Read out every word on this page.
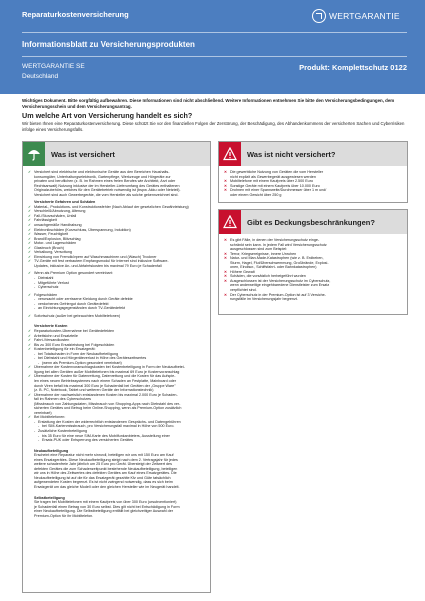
Reparaturkostenversicherung	WERTGARANTIE
Informationsblatt zu Versicherungsprodukten
WERTGARANTIE SE
Deutschland
Produkt: Komplettschutz 0122
Wichtiges Dokument. Bitte sorgfältig aufbewahren. Diese Informationen sind nicht abschließend. Weitere Informationen entnehmen Sie bitte den Versicherungsbedingungen, dem Versicherungsschein und dem Versicherungsantrag.
Um welche Art von Versicherung handelt es sich?
Wir bieten Ihnen eine Reparaturkostenversicherung. Diese schützt Sie vor den finanziellen Folgen der Zerstörung, der Beschädigung, des Abhandenkommens der versicherten Sachen und Cyberrisiken infolge eines Versicherungsfalls.
Was ist versichert
✓ Versichert sind elektrische und elektronische Geräte aus den Bereichen Haushalts-
konsumgüter, Unterhaltungselektronik, Gartenpflege, Werkzeuge und Hörgeräte zur
privaten und beruflichen (z. B. im Rahmen eines freien Berufes wie Architekt, Arzt oder
Rechtsanwalt) Nutzung inklusive der im Hersteller-Lieferumfang des Gerätes enthaltenen
Originalzubehörs, welches für den Gerätebetrieb notwendig ist (bspw. Akku oder Netzteil).
Versichert sind auch Gewerbegeräte, die vom Hersteller als solche gekennzeichnet sind.
Versicherte Gefahren und Schäden
✓ Material-, Produktions- und Konstruktionsfehler (Nach Ablauf der gesetzlichen Gewährleistung)
✓ Verschleiß/Abnutzung, Alterung
✓ Fall-/Sturzschäden, Unfall
✓ Fahrlässigkeit
✓ unsachgemäße Handhabung
✓ Elektronikschäden (Kurzschluss, Überspannung, Induktion)
✓ Wasser, Feuchtigkeit
✓ Brand/Explosion, Blitzschlag
✓ Motor- und Lagerschäden
✓ Glasbruch (Bruch)
✓ Verkalkung, Versottung
✓ Einwirkung von Fremdkörpern auf Waschmaschinen und (Wasch) Trockner
✓ TV-Geräte mit fest verbautem Empfangsmodul für Internet sind inklusive Software-
Updates, inklusive An- und Abfahrtskosten bis maximal 79 Euro je Schadenfall
✓ Wenn als Premium Option gesondert vereinbart:
- Diebstahl
- Mitgeführte Verlust
- Cyberschutz
✓ Folgeschäden
- verursacht oder zerrissene Kleidung durch Geräte defekte
- verdorbenes Gefriergut durch Gerätedefekt
- an Einrichtungsgegenständen durch TV-Gerätedefekt
✓ Sofortschutz (außer bei gebrauchten Mobiltelefonen)
Versicherte Kosten
✓ Reparaturkosten-Übernahme bei Gerätedefekten
✓ Arbeitslohn und Ersatzteile
✓ Fahrt-/Versandkosten
✓ Bis zu 300 Euro Ersatzleistung bei Folgeschäden
✓ Kostenbeteiligung für ein Ersatzgerät:
- bei Totalschaden in Form der Neukaufbeteiligung
- bei Diebstahl und Hörgeräteverlust in Höhe des Geräteszeitwertes
- (wenn als Premium-Option gesondert vereinbart)
✓ Übernahme der Kostenvoranschlagskosten bei Kostenbeteiligung in Form der Neukaufbetei-
ligung bei allen Geräten außer Mobiltelefonen bis maximal 69 Euro je Kostenvoranschlag
✓ Übernahme der Kosten für Datenrettung, Datenrettung und die Kosten für das Aufspie-
len eines neuen Betriebssystemes nach einem Schaden an Festplatte, Mainboard oder
durch Viren befall bis maximal 300 Euro je Schadenfall bei Geräten der „Gruppe Ware"
(z. B. PC, Notebook, Tablet und weiteren Geräte der Informationstechnik)
✓ Übernahme der nachweislich entstandenen Kosten bis maximal 2.000 Euro je Schaden-
fall im Rahmen des Cyberschutzes
(Missbrauch von Zahlungsdaten, Missbrauch von Shopping-Apps nach Diebstahl des ver-
sicherten Gerätes und Betrug beim Online-Shopping, wenn als Premium-Option zusätzlich
vereinbart)
✓ Bei Mobiltelefonen:
- Erstattung der Kosten der widerrechtlich entstandenen Gesprächs- und Datengebühren
- bei SIM-Kartenmissbrauch, pro Versicherungsfall maximal in Höhe von 500 Euro.
- Zusätzliche Kostenbeteiligung
- bis 35 Euro für eine neue SIM-Karte des Mobilfunkanbieters, Ausstellung einer
- Ersatz-PUK oder Entsperrung des versicherten Gerätes
Neukaufbeteiligung
Erscheint eine Reparatur nicht mehr sinnvoll, beteiligen wir uns mit 150 Euro am Kauf
eines Ersatzgerätes. Diese Neukaufbeteiligung steigt nach dem 2. Vertragsjahr für jedes
weitere schadenfreie Jahr jährlich um 25 Euro pro Gerät. Übersteigt der Zeitwert des
defekten Gerätes die zum Schadenzeitpunkt bestehende Neukaufbeteiligung, beteiligen
wir uns in Höhe des Zeitwertes des defekten Gerätes am Kauf eines Ersatzgerätes. Die
Neukaufbeteiligung ist auf die für das Ersatzgerät gezahlte Kfz und Güte tatsächlich
aufgewendeten Kosten begrenzt. Es ist nicht zwingend notwendig, dass es sich beim
Ersatzgerät um das gleiche Modell oder den gleichen Hersteller wie im Neugerät handelt.
Selbstbeteiligung
Sie tragen bei Mobiltelefonen mit einem Kaufpreis von über 300 Euro (ursubventioniert)
je Schadenfall einen Betrag von 30 Euro selbst. Dies gilt nicht bei Entschädigung in Form
einer Neukaufbeteiligung. Die Selbstbeteiligung entfällt bei gleichzeitiger Auswahl der
Premium-Option für ihr Mobiltelefon.
Was ist nicht versichert?
✕ Die gewerbliche Nutzung von Geräten die vom Hersteller
nicht explizit als Gewerbegerät ausgewiesen werden
✕ Mobiltelefone mit einem Kaufpreis über 2.500 Euro
✕ Sonstige Geräte mit einem Kaufpreis über 10.000 Euro
✕ Drohnen mit einer Spannweite/Durchmesser über 1 m und/
oder einem Gewicht über 250 g
Gibt es Deckungsbeschränkungen?
✕ Es gibt Fälle, in denen der Versicherungsschutz einge-
schränkt sein kann. In jedem Fall wird Versicherungsschutz
ausgeschlossen sind zum Beispiel:
✕ Terror, Kriegsereignisse, innere Unruhen
✕ Natur- und Man-Made-Katastrophen (wie z. B. Erdbeben,
Sturm, Hagel, Flut/Überschwemmung, Großbrände, Explosi-
onen, Eindiscr., Schiffsfahrt- oder Bahnkatastrophen)
✕ Höhere Gewalt
✕ Schäden, die vorsätzlich herbeigeführt wurden
✕ Ausgeschlossen ist der Versicherungsschutz im Cyberschutz,
wenn anderweitige eingehbaredene Dienstleister zum Ersatz
verpflichtet sind.
✕ Der Cyberschutz in der Premium-Option ist auf 3 Versiche-
rungsfälle im Versicherungsjahr begrenzt.
